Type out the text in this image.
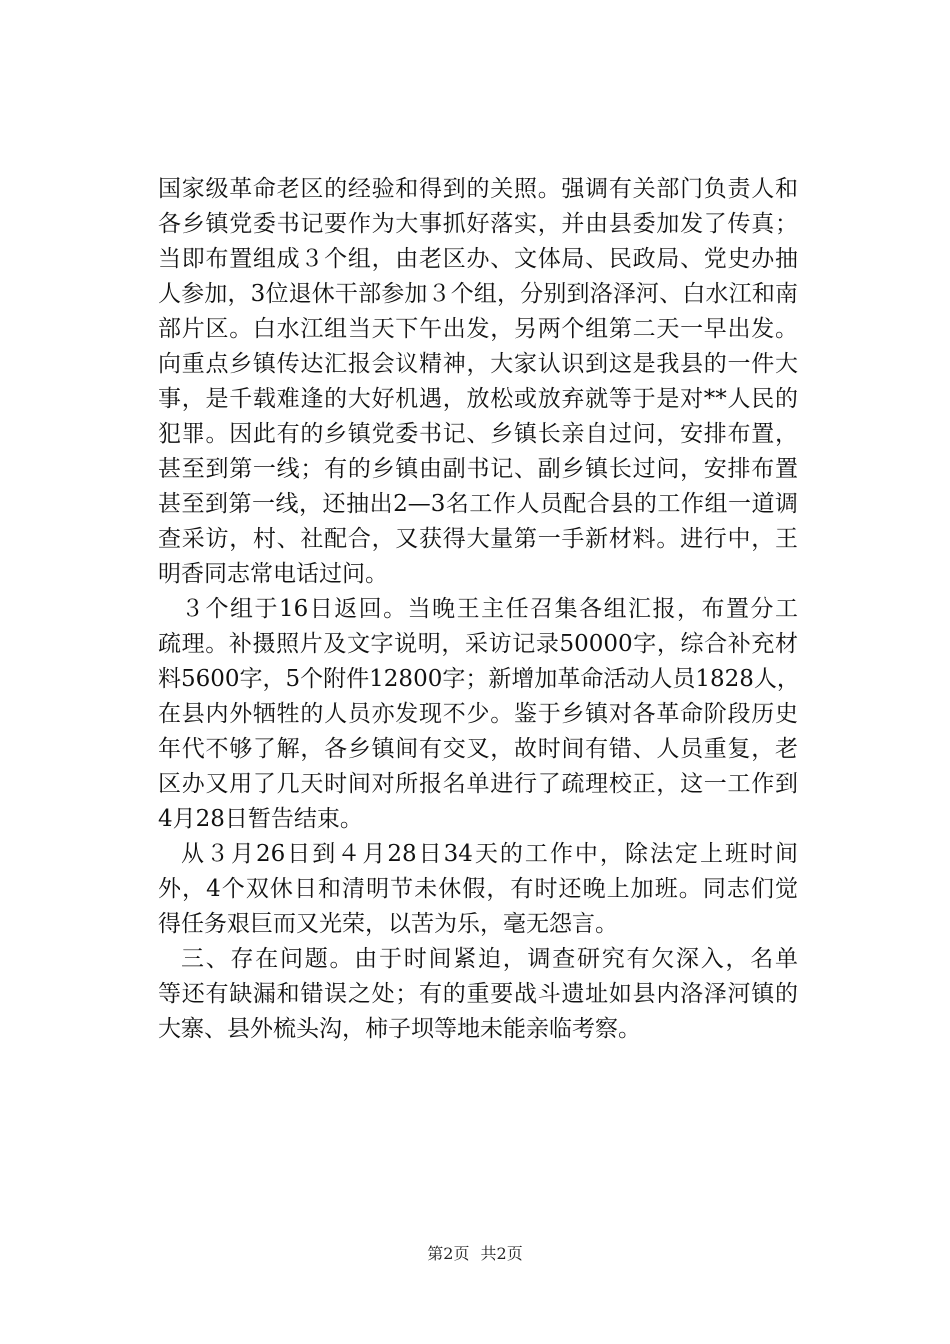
国家级革命老区的经验和得到的关照。强调有关部门负责人和
各乡镇党委书记要作为大事抓好落实，并由县委加发了传真；
当即布置组成３个组，由老区办、文体局、民政局、党史办抽
人参加，3位退休干部参加３个组，分别到洛泽河、白水江和南
部片区。白水江组当天下午出发，另两个组第二天一早出发。
向重点乡镇传达汇报会议精神，大家认识到这是我县的一件大
事，是千载难逢的大好机遇，放松或放弃就等于是对**人民的
犯罪。因此有的乡镇党委书记、乡镇长亲自过问，安排布置，
甚至到第一线；有的乡镇由副书记、副乡镇长过问，安排布置
甚至到第一线，还抽出2—3名工作人员配合县的工作组一道调
查采访，村、社配合，又获得大量第一手新材料。进行中，王
明香同志常电话过问。
３个组于16日返回。当晚王主任召集各组汇报，布置分工
疏理。补摄照片及文字说明，采访记录50000字，综合补充材
料5600字，5个附件12800字；新增加革命活动人员1828人，
在县内外牺牲的人员亦发现不少。鉴于乡镇对各革命阶段历史
年代不够了解，各乡镇间有交叉，故时间有错、人员重复，老
区办又用了几天时间对所报名单进行了疏理校正，这一工作到
4月28日暂告结束。
从３月26日到４月28日34天的工作中，除法定上班时间
外，4个双休日和清明节未休假，有时还晚上加班。同志们觉
得任务艰巨而又光荣，以苦为乐，毫无怨言。
三、存在问题。由于时间紧迫，调查研究有欠深入，名单
等还有缺漏和错误之处；有的重要战斗遗址如县内洛泽河镇的
大寨、县外梳头沟，柿子坝等地未能亲临考察。
第2页 共2页
